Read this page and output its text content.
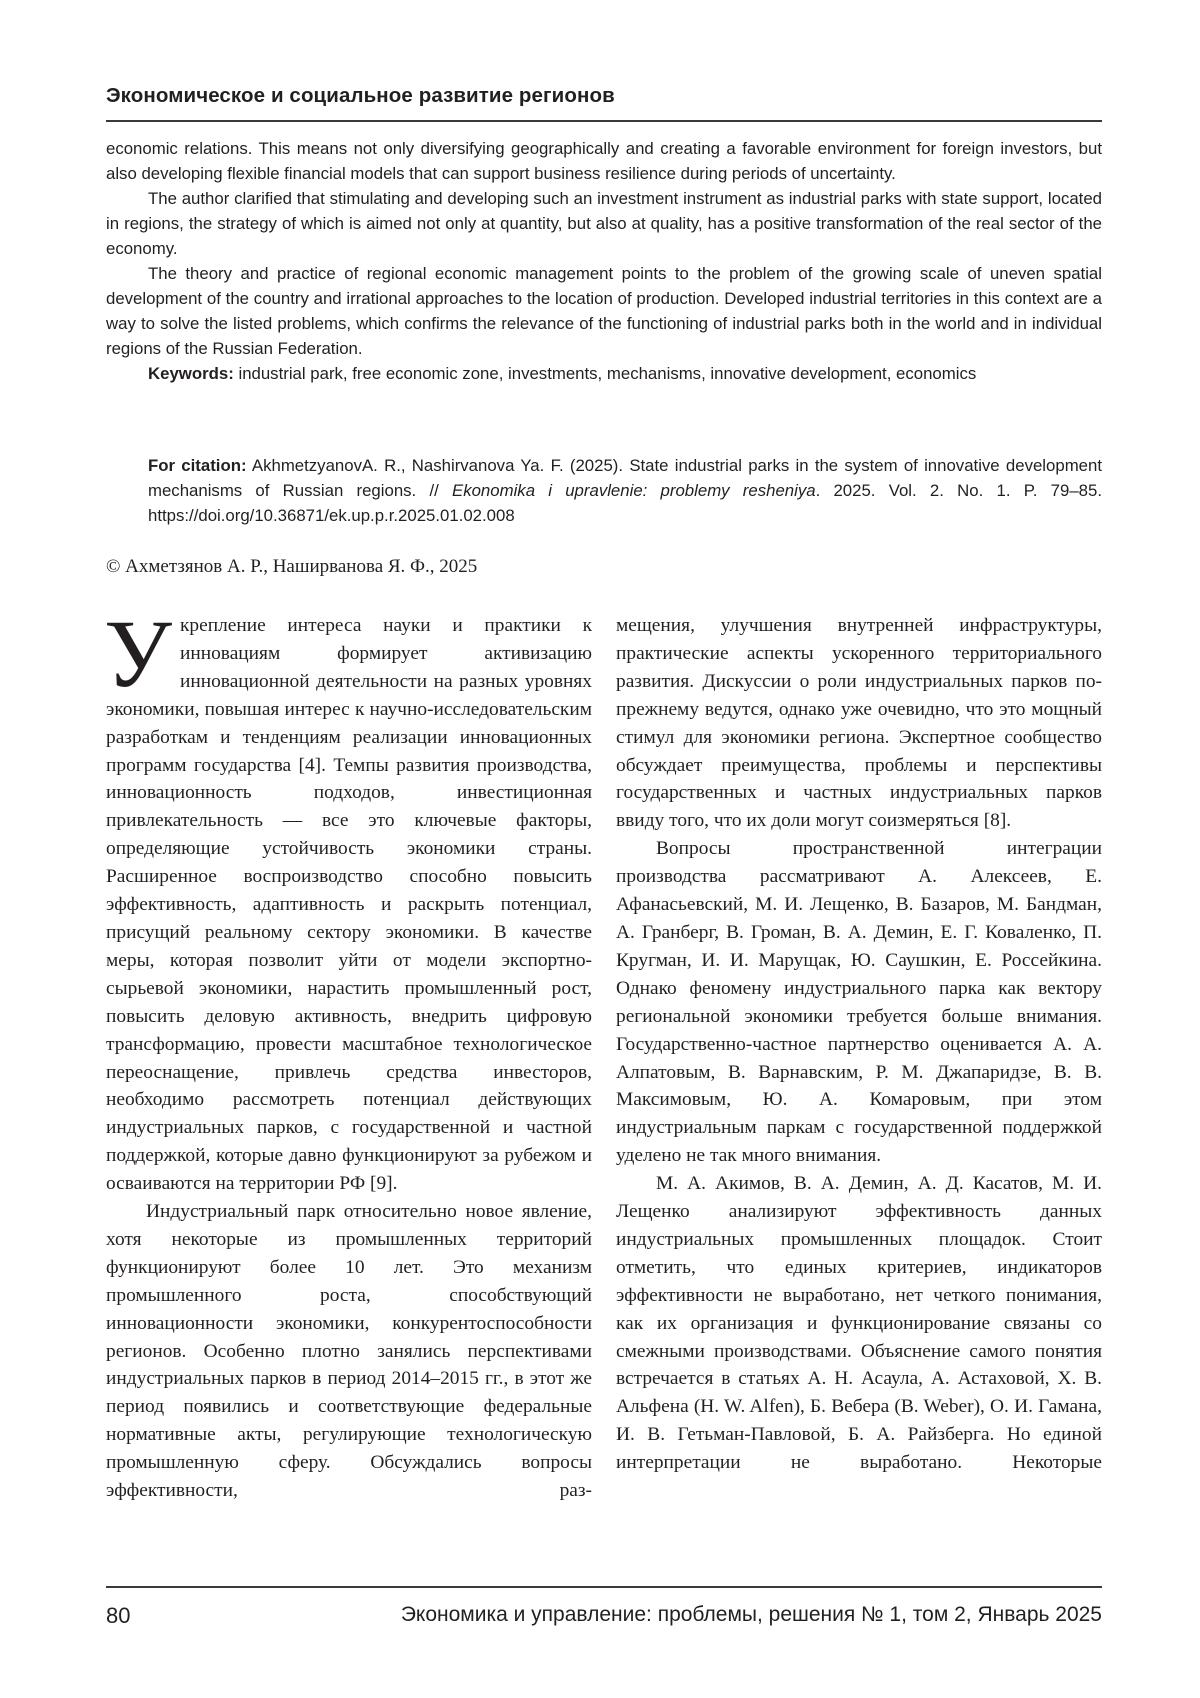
Экономическое и социальное развитие регионов

economic relations. This means not only diversifying geographically and creating a favorable environment for foreign investors, but also developing flexible financial models that can support business resilience during periods of uncertainty.

The author clarified that stimulating and developing such an investment instrument as industrial parks with state support, located in regions, the strategy of which is aimed not only at quantity, but also at quality, has a positive transformation of the real sector of the economy.

The theory and practice of regional economic management points to the problem of the growing scale of uneven spatial development of the country and irrational approaches to the location of production. Developed industrial territories in this context are a way to solve the listed problems, which confirms the relevance of the functioning of industrial parks both in the world and in individual regions of the Russian Federation.

Keywords: industrial park, free economic zone, investments, mechanisms, innovative development, economics

For citation: AkhmetzyanovA. R., Nashirvanova Ya. F. (2025). State industrial parks in the system of innovative development mechanisms of Russian regions. // Ekonomika i upravlenie: problemy resheniya. 2025. Vol. 2. No. 1. P. 79–85. https://doi.org/10.36871/ek.up.p.r.2025.01.02.008
© Ахметзянов А. Р., Наширванова Я. Ф., 2025

У крепление интереса науки и практики к инновациям формирует активизацию инновационной деятельности на разных уровнях экономики, повышая интерес к научно-исследовательским разработкам и тенденциям реализации инновационных программ государства [4]. Темпы развития производства, инновационность подходов, инвестиционная привлекательность — все это ключевые факторы, определяющие устойчивость экономики страны. Расширенное воспроизводство способно повысить эффективность, адаптивность и раскрыть потенциал, присущий реальному сектору экономики. В качестве меры, которая позволит уйти от модели экспортно-сырьевой экономики, нарастить промышленный рост, повысить деловую активность, внедрить цифровую трансформацию, провести масштабное технологическое переоснащение, привлечь средства инвесторов, необходимо рассмотреть потенциал действующих индустриальных парков, с государственной и частной поддержкой, которые давно функционируют за рубежом и осваиваются на территории РФ [9].

Индустриальный парк относительно новое явление, хотя некоторые из промышленных территорий функционируют более 10 лет. Это механизм промышленного роста, способствующий инновационности экономики, конкурентоспособности регионов. Особенно плотно занялись перспективами индустриальных парков в период 2014–2015 гг., в этот же период появились и соответствующие федеральные нормативные акты, регулирующие технологическую промышленную сферу. Обсуждались вопросы эффективности, раз-

мещения, улучшения внутренней инфраструктуры, практические аспекты ускоренного территориального развития. Дискуссии о роли индустриальных парков по-прежнему ведутся, однако уже очевидно, что это мощный стимул для экономики региона. Экспертное сообщество обсуждает преимущества, проблемы и перспективы государственных и частных индустриальных парков ввиду того, что их доли могут соизмеряться [8].

Вопросы пространственной интеграции производства рассматривают А. Алексеев, Е. Афанасьевский, М. И. Лещенко, В. Базаров, М. Бандман, А. Гранберг, В. Громан, В. А. Демин, Е. Г. Коваленко, П. Кругман, И. И. Марущак, Ю. Саушкин, Е. Россейкина. Однако феномену индустриального парка как вектору региональной экономики требуется больше внимания. Государственно-частное партнерство оценивается А. А. Алпатовым, В. Варнавским, Р. М. Джапаридзе, В. В. Максимовым, Ю. А. Комаровым, при этом индустриальным паркам с государственной поддержкой уделено не так много внимания.

М. А. Акимов, В. А. Демин, А. Д. Касатов, М. И. Лещенко анализируют эффективность данных индустриальных промышленных площадок. Стоит отметить, что единых критериев, индикаторов эффективности не выработано, нет четкого понимания, как их организация и функционирование связаны со смежными производствами. Объяснение самого понятия встречается в статьях А. Н. Асаула, А. Астаховой, Х. В. Альфена (H. W. Alfen), Б. Вебера (B. Weber), О. И. Гамана, И. В. Гетьман-Павловой, Б. А. Райзберга. Но единой интерпретации не выработано. Некоторые

80	Экономика и управление: проблемы, решения № 1, том 2, Январь 2025
